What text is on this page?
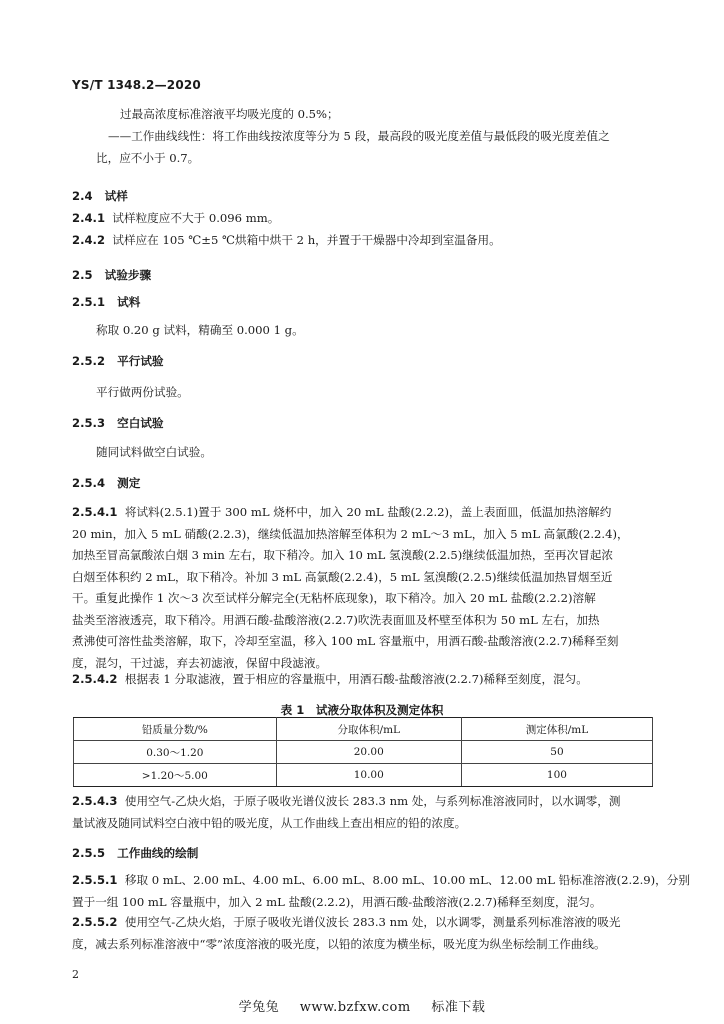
YS/T 1348.2—2020
过最高浓度标准溶液平均吸光度的 0.5%；
——工作曲线线性：将工作曲线按浓度等分为 5 段，最高段的吸光度差值与最低段的吸光度差值之
比，应不小于 0.7。
2.4 试样
2.4.1 试样粒度应不大于 0.096 mm。
2.4.2 试样应在 105 ℃±5 ℃烘箱中烘干 2 h，并置于干燥器中冷却到室温备用。
2.5 试验步骤
2.5.1 试料
称取 0.20 g 试料，精确至 0.000 1 g。
2.5.2 平行试验
平行做两份试验。
2.5.3 空白试验
随同试料做空白试验。
2.5.4 测定
2.5.4.1 将试料(2.5.1)置于 300 mL 烧杯中，加入 20 mL 盐酸(2.2.2)，盖上表面皿，低温加热溶解约
20 min，加入 5 mL 硝酸(2.2.3)，继续低温加热溶解至体积为 2 mL～3 mL，加入 5 mL 高氯酸(2.2.4)，
加热至冒高氯酸浓白烟 3 min 左右，取下稍冷。加入 10 mL 氢溴酸(2.2.5)继续低温加热，至再次冒起浓
白烟至体积约 2 mL，取下稍冷。补加 3 mL 高氯酸(2.2.4)，5 mL 氢溴酸(2.2.5)继续低温加热冒烟至近
干。重复此操作 1 次～3 次至试样分解完全(无粘杯底现象)，取下稍冷。加入 20 mL 盐酸(2.2.2)溶解
盐类至溶液透亮，取下稍冷。用酒石酸-盐酸溶液(2.2.7)吹洗表面皿及杯壁至体积为 50 mL 左右，加热
煮沸使可溶性盐类溶解，取下，冷却至室温，移入 100 mL 容量瓶中，用酒石酸-盐酸溶液(2.2.7)稀释至刻
度，混匀，干过滤，弃去初滤液，保留中段滤液。
2.5.4.2 根据表 1 分取滤液，置于相应的容量瓶中，用酒石酸-盐酸溶液(2.2.7)稀释至刻度，混匀。
表 1　试液分取体积及测定体积
铅质量分数/%	分取体积/mL	测定体积/mL
0.30～1.20	20.00	50
>1.20～5.00	10.00	100
2.5.4.3 使用空气-乙炔火焰，于原子吸收光谱仪波长 283.3 nm 处，与系列标准溶液同时，以水调零，测
量试液及随同试料空白液中铅的吸光度，从工作曲线上查出相应的铅的浓度。
2.5.5 工作曲线的绘制
2.5.5.1 移取 0 mL、2.00 mL、4.00 mL、6.00 mL、8.00 mL、10.00 mL、12.00 mL 铅标准溶液(2.2.9)，分别
置于一组 100 mL 容量瓶中，加入 2 mL 盐酸(2.2.2)，用酒石酸-盐酸溶液(2.2.7)稀释至刻度，混匀。
2.5.5.2 使用空气-乙炔火焰，于原子吸收光谱仪波长 283.3 nm 处，以水调零，测量系列标准溶液的吸光
度，减去系列标准溶液中“零”浓度溶液的吸光度，以铅的浓度为横坐标，吸光度为纵坐标绘制工作曲线。
2
学兔兔 www.bzfxw.com 标准下载
